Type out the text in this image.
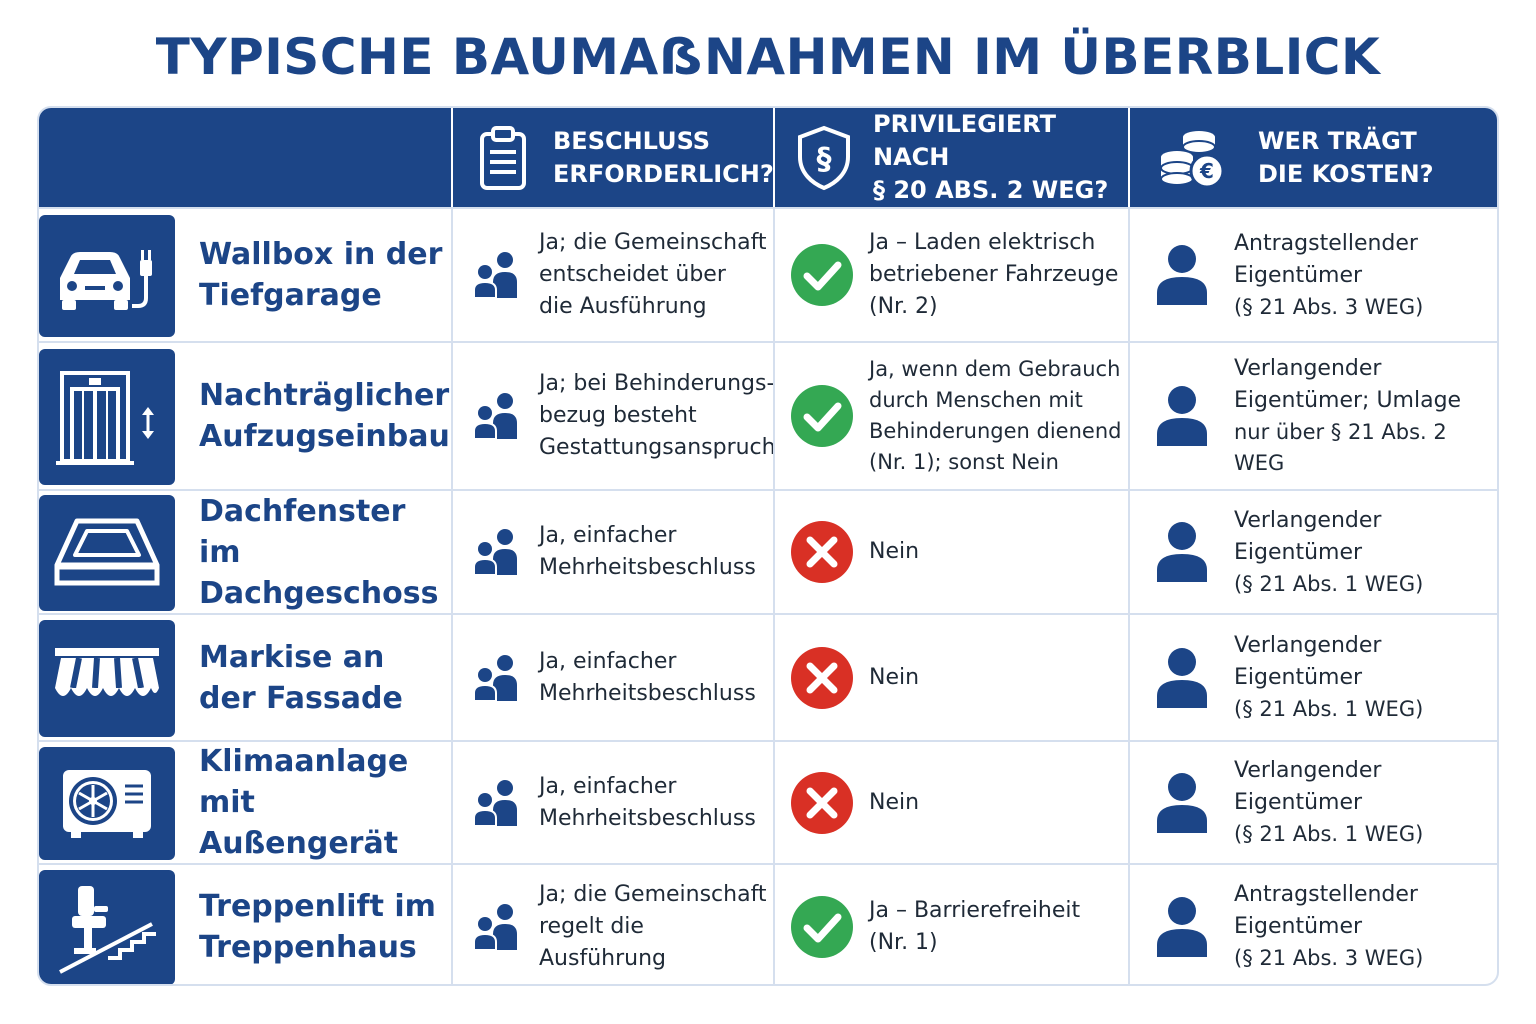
TYPISCHE BAUMAẞNAHMEN IM ÜBERBLICK
BESCHLUSS
ERFORDERLICH? §
PRIVILEGIERT NACH
§ 20 ABS. 2 WEG?
€
WER TRÄGT
DIE KOSTEN?
Wallbox in der
Tiefgarage
Ja; die Gemeinschaft
entscheidet über
die Ausführung
Ja – Laden elektrisch
betriebener Fahrzeuge
(Nr. 2)
Antragstellender
Eigentümer
(§ 21 Abs. 3 WEG)
Nachträglicher
Aufzugseinbau
Ja; bei Behinderungs-
bezug besteht
Gestattungsanspruch
Ja, wenn dem Gebrauch
durch Menschen mit
Behinderungen dienend
(Nr. 1); sonst Nein
Verlangender
Eigentümer; Umlage
nur über § 21 Abs. 2 WEG
Dachfenster im
Dachgeschoss
Ja, einfacher
Mehrheitsbeschluss
Nein
Verlangender
Eigentümer
(§ 21 Abs. 1 WEG)
Markise an
der Fassade
Ja, einfacher
Mehrheitsbeschluss
Nein
Verlangender
Eigentümer
(§ 21 Abs. 1 WEG)
Klimaanlage mit
Außengerät
Ja, einfacher
Mehrheitsbeschluss
Nein
Verlangender
Eigentümer
(§ 21 Abs. 1 WEG)
Treppenlift im
Treppenhaus
Ja; die Gemeinschaft
regelt die
Ausführung
Ja – Barrierefreiheit
(Nr. 1)
Antragstellender
Eigentümer
(§ 21 Abs. 3 WEG)
